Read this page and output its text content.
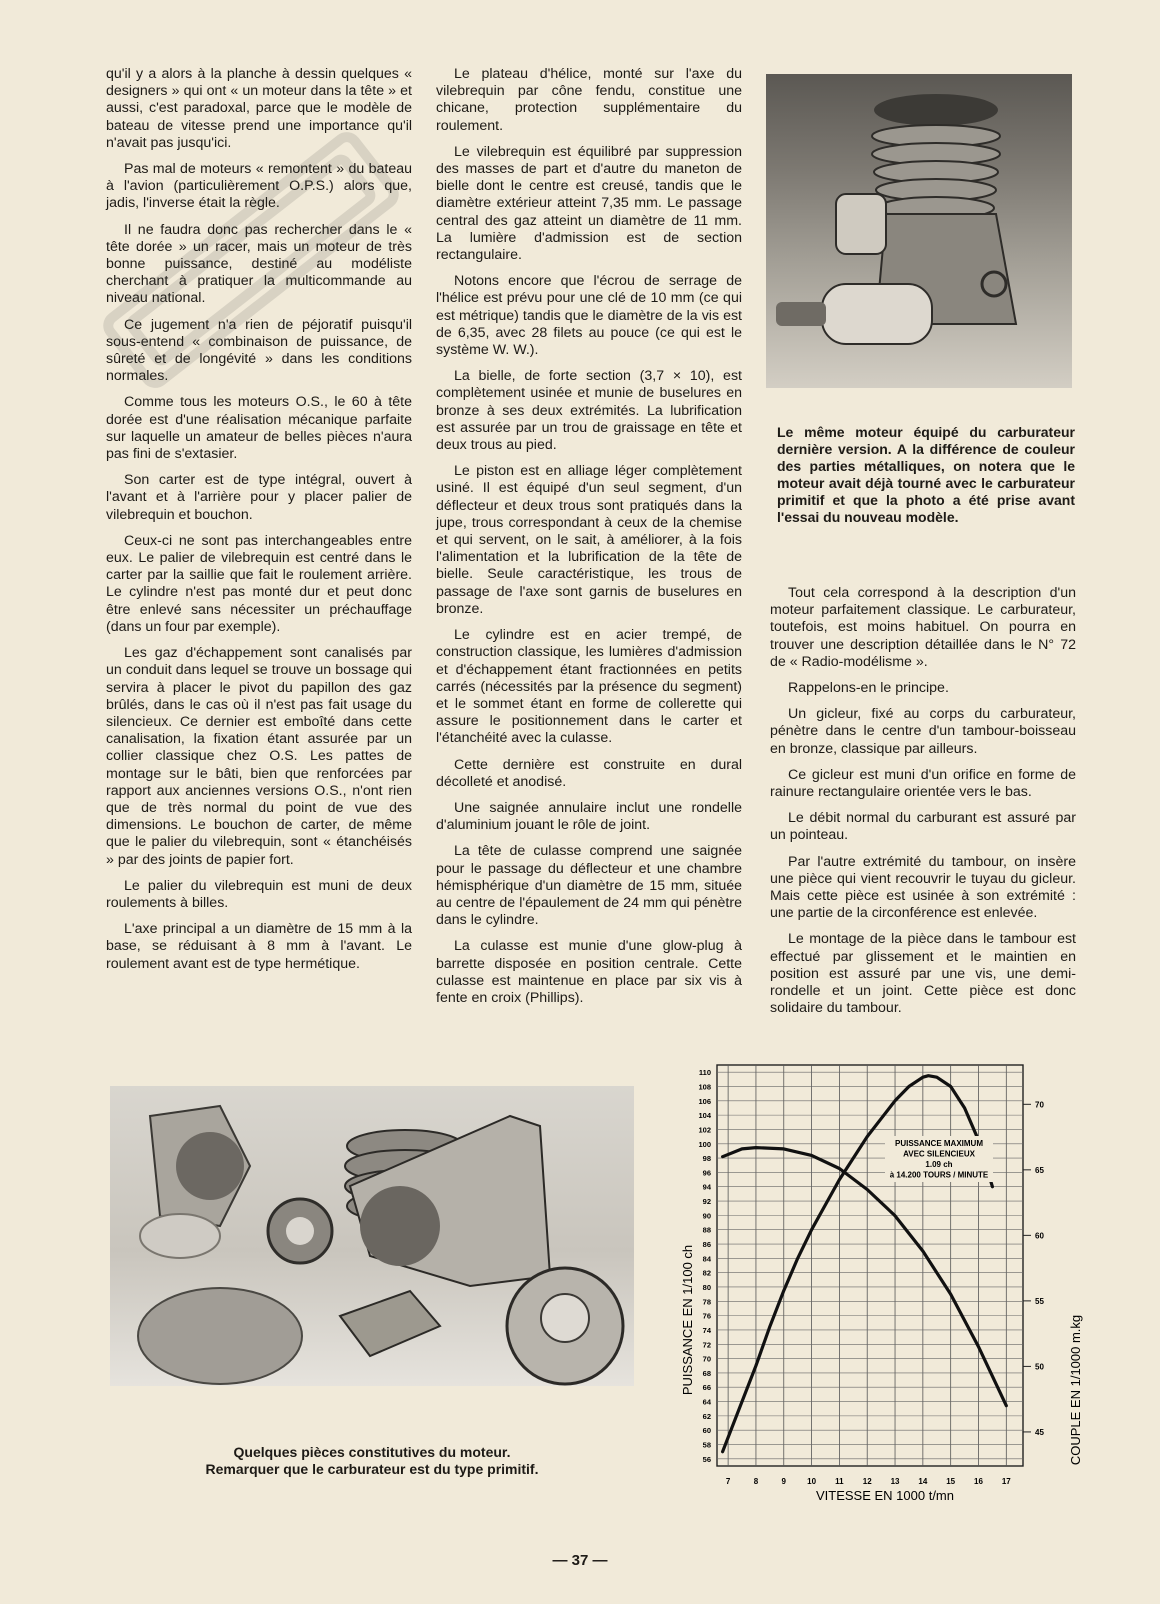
qu'il y a alors à la planche à dessin quelques « designers » qui ont « un moteur dans la tête » et aussi, c'est paradoxal, parce que le modèle de bateau de vitesse prend une importance qu'il n'avait pas jusqu'ici.

Pas mal de moteurs « remontent » du bateau à l'avion (particulièrement O.P.S.) alors que, jadis, l'inverse était la règle.

Il ne faudra donc pas rechercher dans le « tête dorée » un racer, mais un moteur de très bonne puissance, destiné au modéliste cherchant à pratiquer la multicommande au niveau national.

Ce jugement n'a rien de péjoratif puisqu'il sous-entend « combinaison de puissance, de sûreté et de longévité » dans les conditions normales.

Comme tous les moteurs O.S., le 60 à tête dorée est d'une réalisation mécanique parfaite sur laquelle un amateur de belles pièces n'aura pas fini de s'extasier.

Son carter est de type intégral, ouvert à l'avant et à l'arrière pour y placer palier de vilebrequin et bouchon.

Ceux-ci ne sont pas interchangeables entre eux. Le palier de vilebrequin est centré dans le carter par la saillie que fait le roulement arrière. Le cylindre n'est pas monté dur et peut donc être enlevé sans nécessiter un préchauffage (dans un four par exemple).

Les gaz d'échappement sont canalisés par un conduit dans lequel se trouve un bossage qui servira à placer le pivot du papillon des gaz brûlés, dans le cas où il n'est pas fait usage du silencieux. Ce dernier est emboîté dans cette canalisation, la fixation étant assurée par un collier classique chez O.S. Les pattes de montage sur le bâti, bien que renforcées par rapport aux anciennes versions O.S., n'ont rien que de très normal du point de vue des dimensions. Le bouchon de carter, de même que le palier du vilebrequin, sont « étanchéisés » par des joints de papier fort.

Le palier du vilebrequin est muni de deux roulements à billes.

L'axe principal a un diamètre de 15 mm à la base, se réduisant à 8 mm à l'avant. Le roulement avant est de type hermétique.

Le plateau d'hélice, monté sur l'axe du vilebrequin par cône fendu, constitue une chicane, protection supplémentaire du roulement.

Le vilebrequin est équilibré par suppression des masses de part et d'autre du maneton de bielle dont le centre est creusé, tandis que le diamètre extérieur atteint 7,35 mm. Le passage central des gaz atteint un diamètre de 11 mm. La lumière d'admission est de section rectangulaire.

Notons encore que l'écrou de serrage de l'hélice est prévu pour une clé de 10 mm (ce qui est métrique) tandis que le diamètre de la vis est de 6,35, avec 28 filets au pouce (ce qui est le système W. W.).

La bielle, de forte section (3,7 × 10), est complètement usinée et munie de buselures en bronze à ses deux extrémités. La lubrification est assurée par un trou de graissage en tête et deux trous au pied.

Le piston est en alliage léger complètement usiné. Il est équipé d'un seul segment, d'un déflecteur et deux trous sont pratiqués dans la jupe, trous correspondant à ceux de la chemise et qui servent, on le sait, à améliorer, à la fois l'alimentation et la lubrification de la tête de bielle. Seule caractéristique, les trous de passage de l'axe sont garnis de buselures en bronze.

Le cylindre est en acier trempé, de construction classique, les lumières d'admission et d'échappement étant fractionnées en petits carrés (nécessités par la présence du segment) et le sommet étant en forme de collerette qui assure le positionnement dans le carter et l'étanchéité avec la culasse.

Cette dernière est construite en dural décolleté et anodisé.

Une saignée annulaire inclut une rondelle d'aluminium jouant le rôle de joint.

La tête de culasse comprend une saignée pour le passage du déflecteur et une chambre hémisphérique d'un diamètre de 15 mm, située au centre de l'épaulement de 24 mm qui pénètre dans le cylindre.

La culasse est munie d'une glow-plug à barrette disposée en position centrale. Cette culasse est maintenue en place par six vis à fente en croix (Phillips).

Le même moteur équipé du carburateur dernière version. A la différence de couleur des parties métalliques, on notera que le moteur avait déjà tourné avec le carburateur primitif et que la photo a été prise avant l'essai du nouveau modèle.

Tout cela correspond à la description d'un moteur parfaitement classique. Le carburateur, toutefois, est moins habituel. On pourra en trouver une description détaillée dans le N° 72 de « Radio-modélisme ».

Rappelons-en le principe.

Un gicleur, fixé au corps du carburateur, pénètre dans le centre d'un tambour-boisseau en bronze, classique par ailleurs.

Ce gicleur est muni d'un orifice en forme de rainure rectangulaire orientée vers le bas.

Le débit normal du carburant est assuré par un pointeau.

Par l'autre extrémité du tambour, on insère une pièce qui vient recouvrir le tuyau du gicleur. Mais cette pièce est usinée à son extrémité : une partie de la circonférence est enlevée.

Le montage de la pièce dans le tambour est effectué par glissement et le maintien en position est assuré par une vis, une demi-rondelle et un joint. Cette pièce est donc solidaire du tambour.

Quelques pièces constitutives du moteur.
Remarquer que le carburateur est du type primitif.
7	8	9	10 11 12 13 14 15 16 17
56
58
60
62
64
66
68
70
72
74
76
78
80
82
84
86
88
90
92
94
96
98
100
102
104
106
108
110
45
50
55
60
65
70
PUISSANCE MAXIMUM
AVEC SILENCIEUX
1.09 ch
à 14.200 TOURS / MINUTE
VITESSE EN 1000 t/mn
PUISSANCE EN 1/100 ch	COUPLE EN 1/1000 m.kg
— 37 —
